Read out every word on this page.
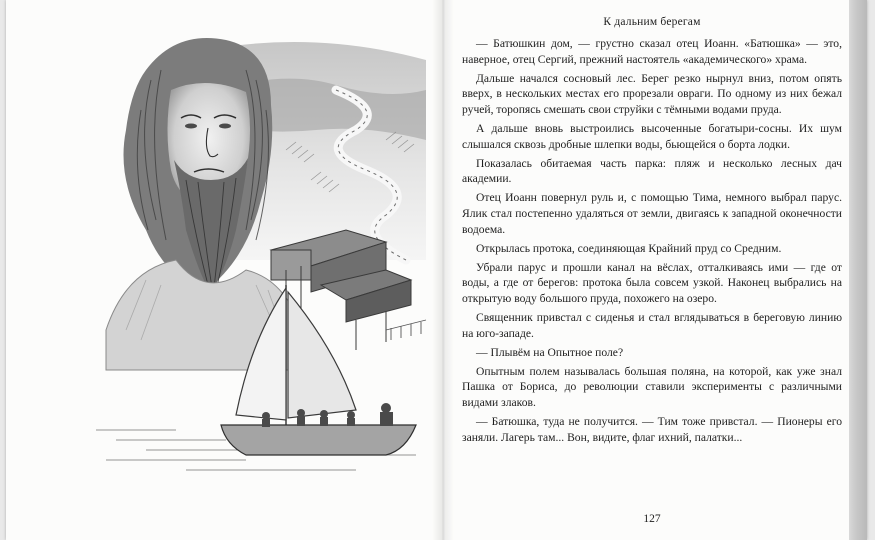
К дальним берегам

— Батюшкин дом, — грустно сказал отец Иоанн. «Батюшка» — это, наверное, отец Сергий, прежний настоятель «академического» храма.

Дальше начался сосновый лес. Берег резко нырнул вниз, потом опять вверх, в нескольких местах его прорезали овраги. По одному из них бежал ручей, торопясь смешать свои струйки с тёмными водами пруда.

А дальше вновь выстроились высоченные богатыри-сосны. Их шум слышался сквозь дробные шлепки воды, бьющейся о борта лодки.

Показалась обитаемая часть парка: пляж и несколько лесных дач академии.

Отец Иоанн повернул руль и, с помощью Тима, немного выбрал парус. Ялик стал постепенно удаляться от земли, двигаясь к западной оконечности водоема.

Открылась протока, соединяющая Крайний пруд со Средним.

Убрали парус и прошли канал на вёслах, отталкиваясь ими — где от воды, а где от берегов: протока была совсем узкой. Наконец выбрались на открытую воду большого пруда, похожего на озеро.

Священник привстал с сиденья и стал вглядываться в береговую линию на юго-западе.

— Плывём на Опытное поле?

Опытным полем называлась большая поляна, на которой, как уже знал Пашка от Бориса, до революции ставили эксперименты с различными видами злаков.

— Батюшка, туда не получится. — Тим тоже привстал. — Пионеры его заняли. Лагерь там... Вон, видите, флаг ихний, палатки...

127
